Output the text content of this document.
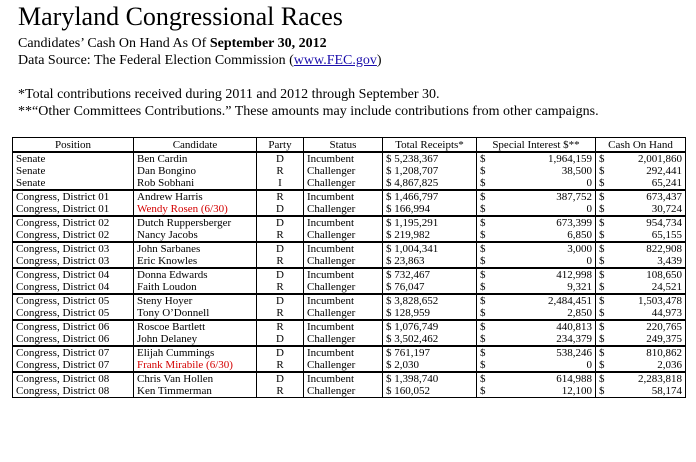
Maryland Congressional Races
Candidates’ Cash On Hand As Of September 30, 2012
Data Source: The Federal Election Commission (www.FEC.gov)
*Total contributions received during 2011 and 2012 through September 30.
**“Other Committees Contributions.” These amounts may include contributions from other campaigns.
Position	Candidate	Party	Status	Total Receipts*	Special Interest $**	Cash On Hand
Senate	Ben Cardin	D	Incumbent	$ 5,238,367	$ 1,964,159	$ 2,001,860

Senate	Dan Bongino	R	Challenger	$ 1,208,707	$ 38,500	$ 292,441

Senate	Rob Sobhani	I	Challenger	$ 4,867,825	$ 0	$ 65,241

Congress, District 01	Andrew Harris	R	Incumbent	$ 1,466,797	$ 387,752	$ 673,437

Congress, District 01	Wendy Rosen (6/30)	D	Challenger	$ 166,994	$ 0	$ 30,724

Congress, District 02	Dutch Ruppersberger	D	Incumbent	$ 1,195,291	$ 673,399	$ 954,734

Congress, District 02	Nancy Jacobs	R	Challenger	$ 219,982	$ 6,850	$ 65,155

Congress, District 03	John Sarbanes	D	Incumbent	$ 1,004,341	$ 3,000	$ 822,908

Congress, District 03	Eric Knowles	R	Challenger	$ 23,863	$ 0	$ 3,439

Congress, District 04	Donna Edwards	D	Incumbent	$ 732,467	$ 412,998	$ 108,650

Congress, District 04	Faith Loudon	R	Challenger	$ 76,047	$ 9,321	$ 24,521

Congress, District 05	Steny Hoyer	D	Incumbent	$ 3,828,652	$ 2,484,451	$ 1,503,478

Congress, District 05	Tony O’Donnell	R	Challenger	$ 128,959	$ 2,850	$ 44,973

Congress, District 06	Roscoe Bartlett	R	Incumbent	$ 1,076,749	$ 440,813	$ 220,765

Congress, District 06	John Delaney	D	Challenger	$ 3,502,462	$ 234,379	$ 249,375

Congress, District 07	Elijah Cummings	D	Incumbent	$ 761,197	$ 538,246	$ 810,862

Congress, District 07	Frank Mirabile (6/30)	R	Challenger	$ 2,030	$ 0	$ 2,036

Congress, District 08	Chris Van Hollen	D	Incumbent	$ 1,398,740	$ 614,988	$ 2,283,818

Congress, District 08	Ken Timmerman	R	Challenger	$ 160,052	$ 12,100	$ 58,174
